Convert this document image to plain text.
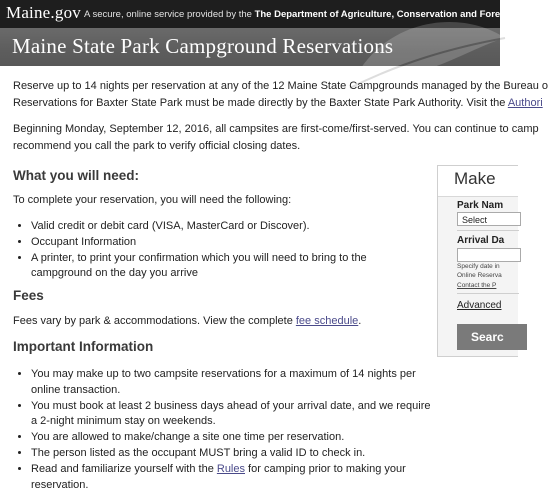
Maine.gov A secure, online service provided by the The Department of Agriculture, Conservation and Forestry
Maine State Park Campground Reservations

Reserve up to 14 nights per reservation at any of the 12 Maine State Campgrounds managed by the Bureau o
Reservations for Baxter State Park must be made directly by the Baxter State Park Authority. Visit the Authori

Beginning Monday, September 12, 2016, all campsites are first-come/first-served. You can continue to camp
recommend you call the park to verify official closing dates.

What you will need:
To complete your reservation, you will need the following:
• Valid credit or debit card (VISA, MasterCard or Discover).
• Occupant Information
• A printer, to print your confirmation which you will need to bring to the
campground on the day you arrive
Fees
Fees vary by park & accommodations. View the complete fee schedule.
Important Information
• You may make up to two campsite reservations for a maximum of 14 nights per
online transaction.
• You must book at least 2 business days ahead of your arrival date, and we require
a 2-night minimum stay on weekends.
• You are allowed to make/change a site one time per reservation.
• The person listed as the occupant MUST bring a valid ID to check in.
• Read and familiarize yourself with the Rules for camping prior to making your
reservation.
Make
Park Nam
Select
Arrival Da
Specify date in
Online Reserva
Contact the P
Advanced
Searc
